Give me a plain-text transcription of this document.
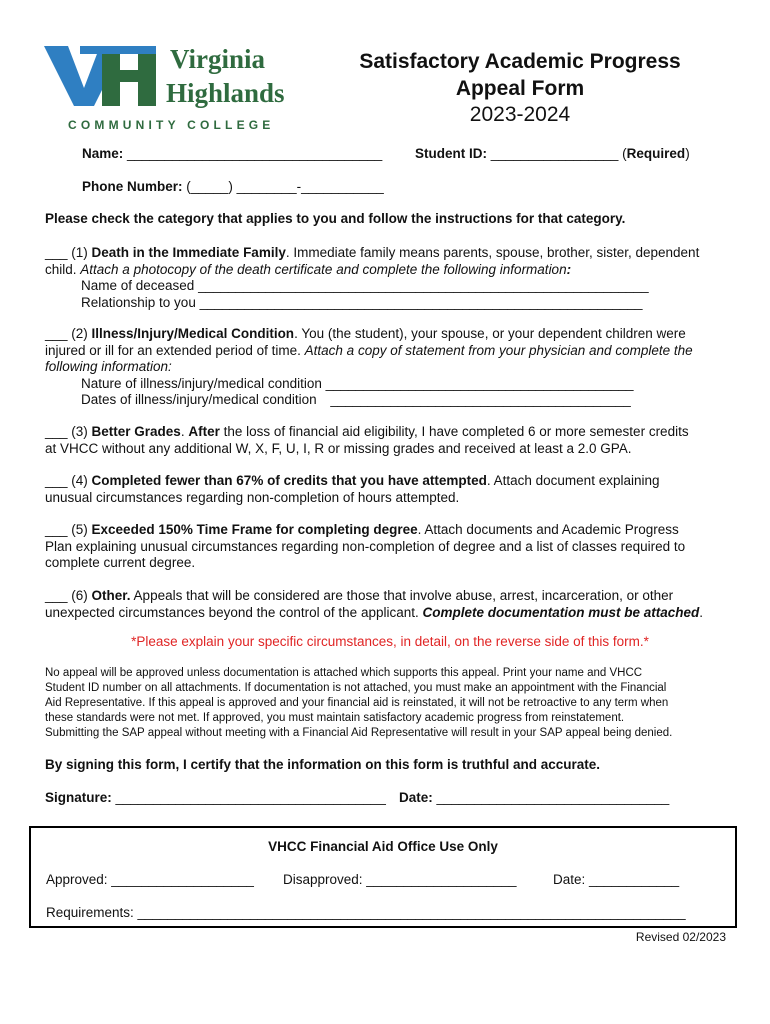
Virginia
Highlands
COMMUNITY COLLEGE
Satisfactory Academic Progress
Appeal Form
2023-2024
Name: __________________________________ Student ID: _________________ (Required)
Phone Number: (_____) ________-___________
Please check the category that applies to you and follow the instructions for that category.
___ (1) Death in the Immediate Family. Immediate family means parents, spouse, brother, sister, dependent
child. Attach a photocopy of the death certificate and complete the following information:
Name of deceased ____________________________________________________________
Relationship to you ___________________________________________________________
___ (2) Illness/Injury/Medical Condition. You (the student), your spouse, or your dependent children were
injured or ill for an extended period of time. Attach a copy of statement from your physician and complete the
following information:
Nature of illness/injury/medical condition _________________________________________
Dates of illness/injury/medical condition ________________________________________
___ (3) Better Grades. After the loss of financial aid eligibility, I have completed 6 or more semester credits
at VHCC without any additional W, X, F, U, I, R or missing grades and received at least a 2.0 GPA.
___ (4) Completed fewer than 67% of credits that you have attempted. Attach document explaining
unusual circumstances regarding non-completion of hours attempted.
___ (5) Exceeded 150% Time Frame for completing degree. Attach documents and Academic Progress
Plan explaining unusual circumstances regarding non-completion of degree and a list of classes required to
complete current degree.
___ (6) Other. Appeals that will be considered are those that involve abuse, arrest, incarceration, or other
unexpected circumstances beyond the control of the applicant. Complete documentation must be attached.
*Please explain your specific circumstances, in detail, on the reverse side of this form.*
No appeal will be approved unless documentation is attached which supports this appeal. Print your name and VHCC
Student ID number on all attachments. If documentation is not attached, you must make an appointment with the Financial
Aid Representative. If this appeal is approved and your financial aid is reinstated, it will not be retroactive to any term when
these standards were not met. If approved, you must maintain satisfactory academic progress from reinstatement.
Submitting the SAP appeal without meeting with a Financial Aid Representative will result in your SAP appeal being denied.
By signing this form, I certify that the information on this form is truthful and accurate.
Signature: ____________________________________ Date: _______________________________
VHCC Financial Aid Office Use Only
Approved: ___________________ Disapproved: ____________________	Date: ____________
Requirements: _________________________________________________________________________
Revised 02/2023
